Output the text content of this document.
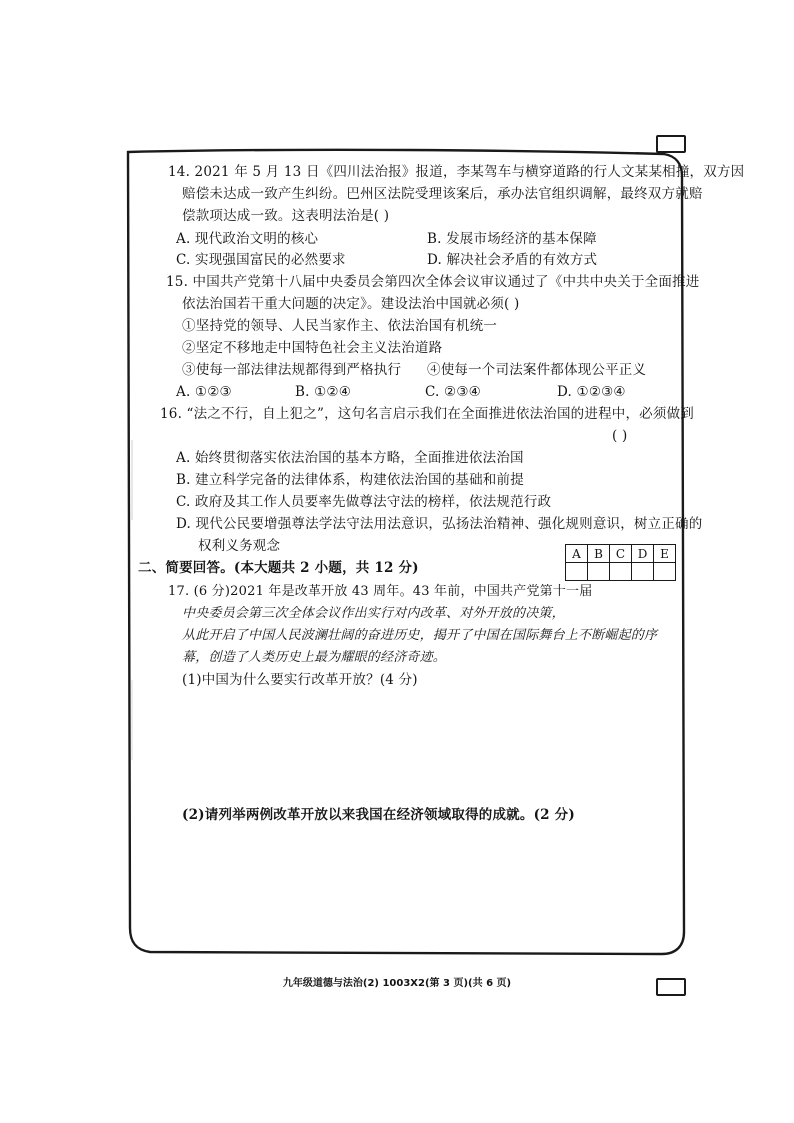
14. 2021 年 5 月 13 日《四川法治报》报道，李某驾车与横穿道路的行人文某某相撞，双方因
赔偿未达成一致产生纠纷。巴州区法院受理该案后，承办法官组织调解，最终双方就赔
偿款项达成一致。这表明法治是( )
A. 现代政治文明的核心	B. 发展市场经济的基本保障
C. 实现强国富民的必然要求	D. 解决社会矛盾的有效方式
15. 中国共产党第十八届中央委员会第四次全体会议审议通过了《中共中央关于全面推进
依法治国若干重大问题的决定》。建设法治中国就必须( )
①坚持党的领导、人民当家作主、依法治国有机统一
②坚定不移地走中国特色社会主义法治道路
③使每一部法律法规都得到严格执行 ④使每一个司法案件都体现公平正义
A. ①②③	B. ①②④	C. ②③④	D. ①②③④
16. “法之不行，自上犯之”，这句名言启示我们在全面推进依法治国的进程中，必须做到
( )
A. 始终贯彻落实依法治国的基本方略，全面推进依法治国
B. 建立科学完备的法律体系，构建依法治国的基础和前提
C. 政府及其工作人员要率先做尊法守法的榜样，依法规范行政
D. 现代公民要增强尊法学法守法用法意识，弘扬法治精神、强化规则意识，树立正确的
权利义务观念
二、简要回答。(本大题共 2 小题，共 12 分)
A	B	C	D	E

17. (6 分)2021 年是改革开放 43 周年。43 年前，中国共产党第十一届
中央委员会第三次全体会议作出实行对内改革、对外开放的决策，
从此开启了中国人民波澜壮阔的奋进历史，揭开了中国在国际舞台上不断崛起的序
幕，创造了人类历史上最为耀眼的经济奇迹。
(1)中国为什么要实行改革开放？(4 分)
(2)请列举两例改革开放以来我国在经济领域取得的成就。(2 分)
九年级道德与法治(2) 1003X2(第 3 页)(共 6 页)
